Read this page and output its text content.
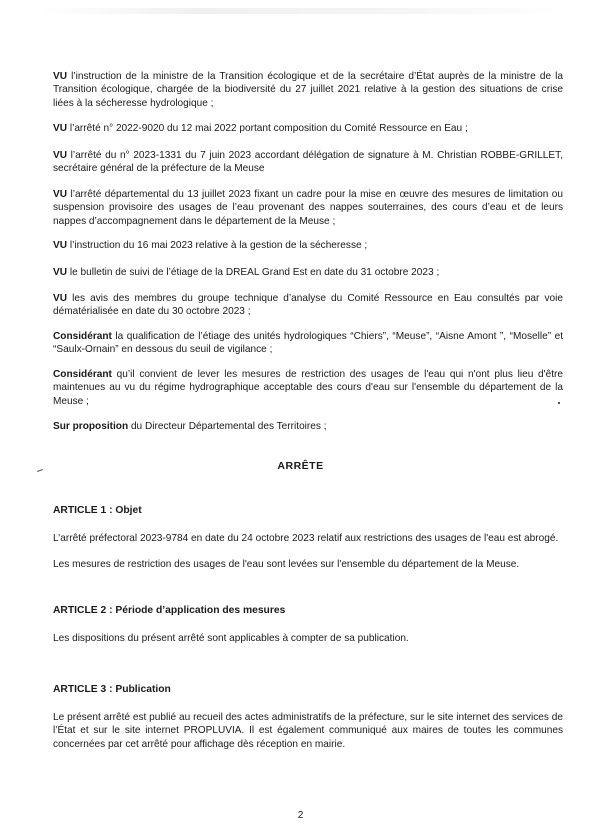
VU l’instruction de la ministre de la Transition écologique et de la secrétaire d’État auprès de la ministre de la Transition écologique, chargée de la biodiversité du 27 juillet 2021 relative à la gestion des situations de crise liées à la sécheresse hydrologique ;

VU l’arrêté n° 2022-9020 du 12 mai 2022 portant composition du Comité Ressource en Eau ;

VU l’arrêté du n° 2023-1331 du 7 juin 2023 accordant délégation de signature à M. Christian ROBBE-GRILLET, secrétaire général de la préfecture de la Meuse

VU l’arrêté départemental du 13 juillet 2023 fixant un cadre pour la mise en œuvre des mesures de limitation ou suspension provisoire des usages de l’eau provenant des nappes souterraines, des cours d’eau et de leurs nappes d’accompagnement dans le département de la Meuse ;

VU l’instruction du 16 mai 2023 relative à la gestion de la sécheresse ;

VU le bulletin de suivi de l’étiage de la DREAL Grand Est en date du 31 octobre 2023 ;

VU les avis des membres du groupe technique d’analyse du Comité Ressource en Eau consultés par voie dématérialisée en date du 30 octobre 2023 ;

Considérant la qualification de l’étiage des unités hydrologiques “Chiers”, “Meuse”, “Aisne Amont ”, “Moselle” et “Saulx-Ornain” en dessous du seuil de vigilance ;

Considérant qu’il convient de lever les mesures de restriction des usages de l'eau qui n'ont plus lieu d'être maintenues au vu du régime hydrographique acceptable des cours d'eau sur l'ensemble du département de la Meuse ;

Sur proposition du Directeur Départemental des Territoires ;

ARRÊTE
ARTICLE 1 : Objet

L’arrêté préfectoral 2023-9784 en date du 24 octobre 2023 relatif aux restrictions des usages de l'eau est abrogé.

Les mesures de restriction des usages de l'eau sont levées sur l'ensemble du département de la Meuse.

ARTICLE 2 : Période d’application des mesures

Les dispositions du présent arrêté sont applicables à compter de sa publication.

ARTICLE 3 : Publication

Le présent arrêté est publié au recueil des actes administratifs de la préfecture, sur le site internet des services de l’État et sur le site internet PROPLUVIA. Il est également communiqué aux maires de toutes les communes concernées par cet arrêté pour affichage dès réception en mairie.

2
